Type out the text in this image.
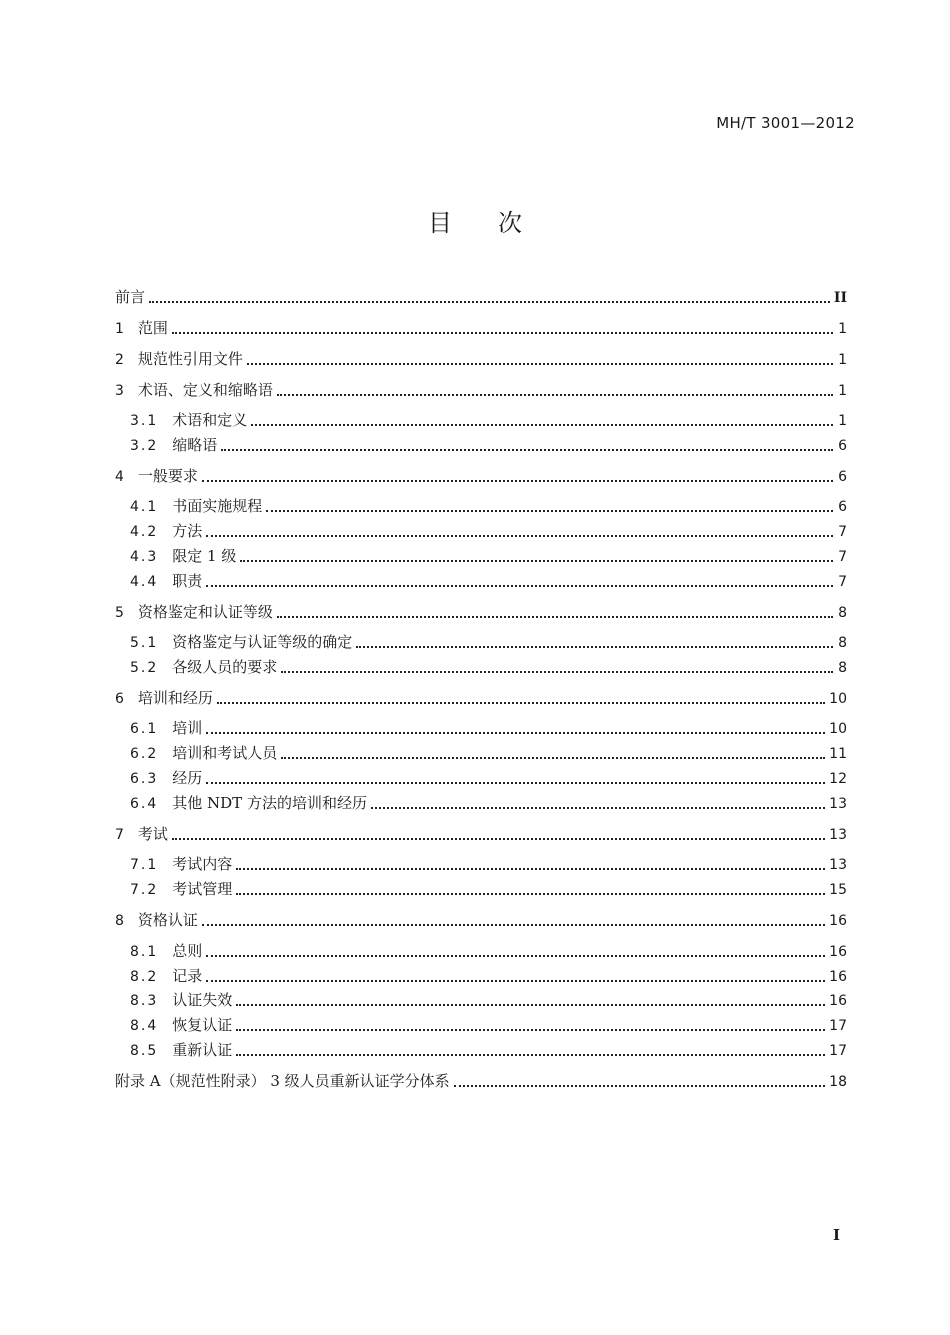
MH/T 3001—2012
目次
前言	II
1 范围	1
2 规范性引用文件	1
3 术语、定义和缩略语	1
3.1 术语和定义	1
3.2 缩略语	6
4 一般要求	6
4.1 书面实施规程	6
4.2 方法	7
4.3 限定 1 级	7
4.4 职责	7
5 资格鉴定和认证等级	8
5.1 资格鉴定与认证等级的确定	8
5.2 各级人员的要求	8
6 培训和经历	10
6.1 培训	10
6.2 培训和考试人员	11
6.3 经历	12
6.4 其他 NDT 方法的培训和经历	13
7 考试	13
7.1 考试内容	13
7.2 考试管理	15
8 资格认证	16
8.1 总则	16
8.2 记录	16
8.3 认证失效	16
8.4 恢复认证	17
8.5 重新认证	17
附录 A（规范性附录） 3 级人员重新认证学分体系	18
I
